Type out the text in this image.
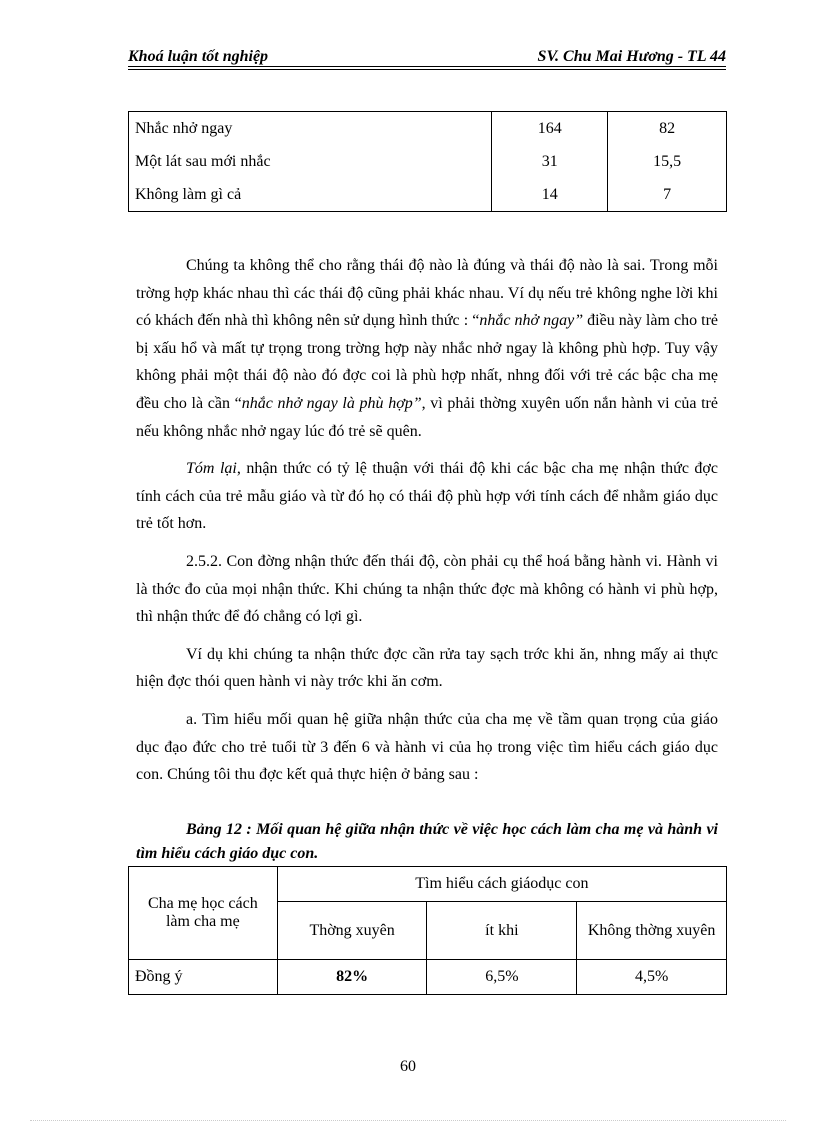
Khoá luận tốt nghiệp	SV. Chu Mai Hương - TL 44
Nhắc nhở ngay	164	82
Một lát sau mới nhắc	31	15,5
Không làm gì cả	14	7

Chúng ta không thể cho rằng thái độ nào là đúng và thái độ nào là sai. Trong mỗi trờng hợp khác nhau thì các thái độ cũng phải khác nhau. Ví dụ nếu trẻ không nghe lời khi có khách đến nhà thì không nên sử dụng hình thức : “nhắc nhở ngay” điều này làm cho trẻ bị xấu hổ và mất tự trọng trong trờng hợp này nhắc nhở ngay là không phù hợp. Tuy vậy không phải một thái độ nào đó đợc coi là phù hợp nhất, nhng đối với trẻ các bậc cha mẹ đều cho là cần “nhắc nhở ngay là phù hợp”, vì phải thờng xuyên uốn nắn hành vi của trẻ nếu không nhắc nhở ngay lúc đó trẻ sẽ quên.

Tóm lại, nhận thức có tỷ lệ thuận với thái độ khi các bậc cha mẹ nhận thức đợc tính cách của trẻ mẫu giáo và từ đó họ có thái độ phù hợp với tính cách để nhằm giáo dục trẻ tốt hơn.

2.5.2. Con đờng nhận thức đến thái độ, còn phải cụ thể hoá bằng hành vi. Hành vi là thớc đo của mọi nhận thức. Khi chúng ta nhận thức đợc mà không có hành vi phù hợp, thì nhận thức để đó chẳng có lợi gì.

Ví dụ khi chúng ta nhận thức đợc cần rửa tay sạch trớc khi ăn, nhng mấy ai thực hiện đợc thói quen hành vi này trớc khi ăn cơm.

a. Tìm hiểu mối quan hệ giữa nhận thức của cha mẹ về tầm quan trọng của giáo dục đạo đức cho trẻ tuổi từ 3 đến 6 và hành vi của họ trong việc tìm hiểu cách giáo dục con. Chúng tôi thu đợc kết quả thực hiện ở bảng sau :

Bảng 12 : Mối quan hệ giữa nhận thức về việc học cách làm cha mẹ và hành vi tìm hiểu cách giáo dục con.
Cha mẹ học cách làm cha mẹ	Tìm hiểu cách giáodục con		
	Thờng xuyên	ít khi	Không thờng xuyên
Đồng ý	82%	6,5%	4,5%
60
